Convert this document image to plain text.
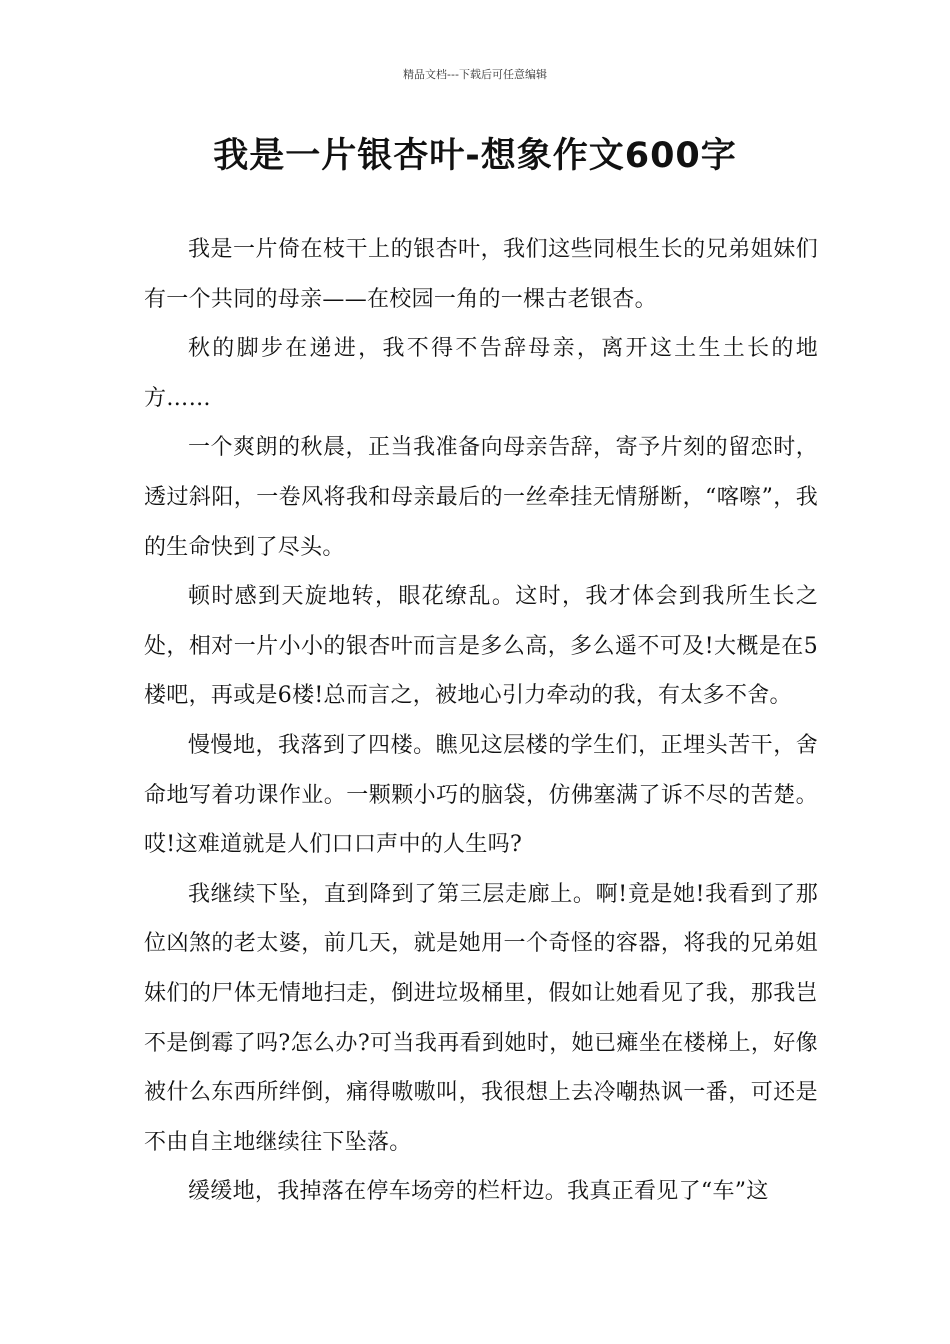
精品文档---下载后可任意编辑
我是一片银杏叶-想象作文600字

我是一片倚在枝干上的银杏叶，我们这些同根生长的兄弟姐妹们有一个共同的母亲——在校园一角的一棵古老银杏。

秋的脚步在递进，我不得不告辞母亲，离开这土生土长的地方……

一个爽朗的秋晨，正当我准备向母亲告辞，寄予片刻的留恋时，透过斜阳，一卷风将我和母亲最后的一丝牵挂无情掰断，“喀嚓”，我的生命快到了尽头。

顿时感到天旋地转，眼花缭乱。这时，我才体会到我所生长之处，相对一片小小的银杏叶而言是多么高，多么遥不可及!大概是在5楼吧，再或是6楼!总而言之，被地心引力牵动的我，有太多不舍。

慢慢地，我落到了四楼。瞧见这层楼的学生们，正埋头苦干，舍命地写着功课作业。一颗颗小巧的脑袋，仿佛塞满了诉不尽的苦楚。哎!这难道就是人们口口声中的人生吗?

我继续下坠，直到降到了第三层走廊上。啊!竟是她!我看到了那位凶煞的老太婆，前几天，就是她用一个奇怪的容器，将我的兄弟姐妹们的尸体无情地扫走，倒进垃圾桶里，假如让她看见了我，那我岂不是倒霉了吗?怎么办?可当我再看到她时，她已瘫坐在楼梯上，好像被什么东西所绊倒，痛得嗷嗷叫，我很想上去冷嘲热讽一番，可还是不由自主地继续往下坠落。

缓缓地，我掉落在停车场旁的栏杆边。我真正看见了“车”这
